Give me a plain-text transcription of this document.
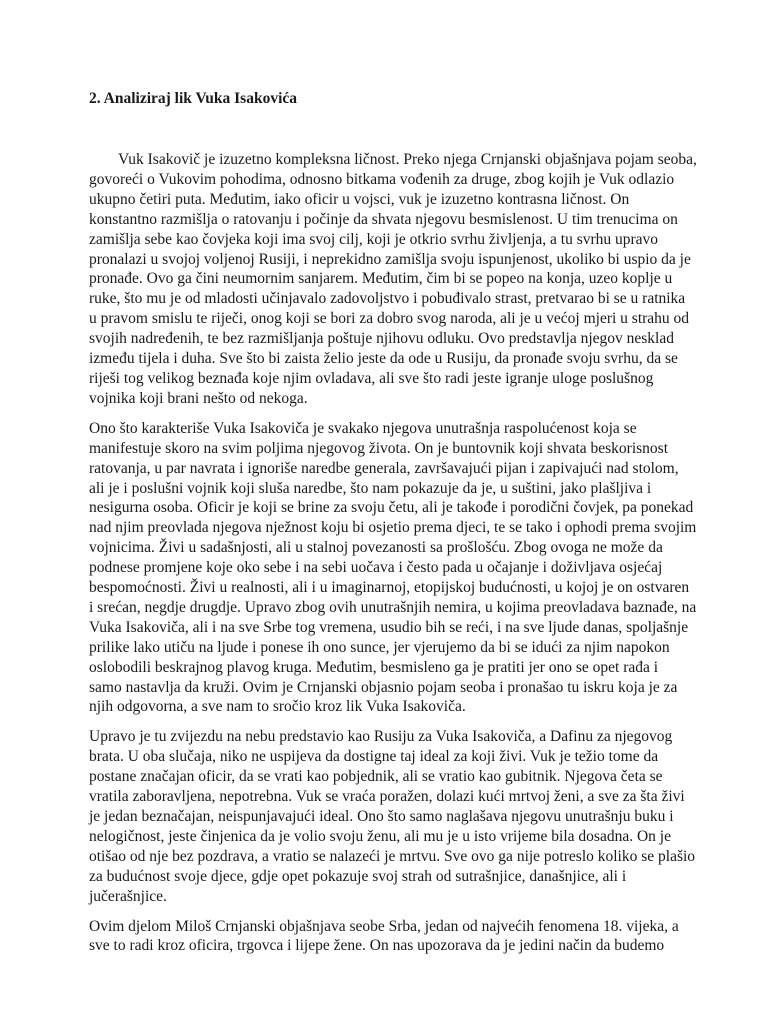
2. Analiziraj lik Vuka Isakovića

Vuk Isakovič je izuzetno kompleksna ličnost. Preko njega Crnjanski objašnjava pojam seoba,
govoreći o Vukovim pohodima, odnosno bitkama vođenih za druge, zbog kojih je Vuk odlazio
ukupno četiri puta. Međutim, iako oficir u vojsci, vuk je izuzetno kontrasna ličnost. On
konstantno razmišlja o ratovanju i počinje da shvata njegovu besmislenost. U tim trenucima on
zamišlja sebe kao čovjeka koji ima svoj cilj, koji je otkrio svrhu življenja, a tu svrhu upravo
pronalazi u svojoj voljenoj Rusiji, i neprekidno zamišlja svoju ispunjenost, ukoliko bi uspio da je
pronađe. Ovo ga čini neumornim sanjarem. Međutim, čim bi se popeo na konja, uzeo koplje u
ruke, što mu je od mladosti učinjavalo zadovoljstvo i pobuđivalo strast, pretvarao bi se u ratnika
u pravom smislu te riječi, onog koji se bori za dobro svog naroda, ali je u većoj mjeri u strahu od
svojih nadređenih, te bez razmišljanja poštuje njihovu odluku. Ovo predstavlja njegov nesklad
između tijela i duha. Sve što bi zaista želio jeste da ode u Rusiju, da pronađe svoju svrhu, da se
riješi tog velikog beznađa koje njim ovladava, ali sve što radi jeste igranje uloge poslušnog
vojnika koji brani nešto od nekoga.

Ono što karakteriše Vuka Isakoviča je svakako njegova unutrašnja raspolućenost koja se
manifestuje skoro na svim poljima njegovog života. On je buntovnik koji shvata beskorisnost
ratovanja, u par navrata i ignoriše naredbe generala, završavajući pijan i zapivajući nad stolom,
ali je i poslušni vojnik koji sluša naredbe, što nam pokazuje da je, u suštini, jako plašljiva i
nesigurna osoba. Oficir je koji se brine za svoju četu, ali je takođe i porodični čovjek, pa ponekad
nad njim preovlada njegova nježnost koju bi osjetio prema djeci, te se tako i ophodi prema svojim
vojnicima. Živi u sadašnjosti, ali u stalnoj povezanosti sa prošlošću. Zbog ovoga ne može da
podnese promjene koje oko sebe i na sebi uočava i često pada u očajanje i doživljava osjećaj
bespomoćnosti. Živi u realnosti, ali i u imaginarnoj, etopijskoj budućnosti, u kojoj je on ostvaren
i srećan, negdje drugdje. Upravo zbog ovih unutrašnjih nemira, u kojima preovladava baznađe, na
Vuka Isakoviča, ali i na sve Srbe tog vremena, usudio bih se reći, i na sve ljude danas, spoljašnje
prilike lako utiču na ljude i ponese ih ono sunce, jer vjerujemo da bi se idući za njim napokon
oslobodili beskrajnog plavog kruga. Međutim, besmisleno ga je pratiti jer ono se opet rađa i
samo nastavlja da kruži. Ovim je Crnjanski objasnio pojam seoba i pronašao tu iskru koja je za
njih odgovorna, a sve nam to sročio kroz lik Vuka Isakoviča.

Upravo je tu zvijezdu na nebu predstavio kao Rusiju za Vuka Isakoviča, a Dafinu za njegovog
brata. U oba slučaja, niko ne uspijeva da dostigne taj ideal za koji živi. Vuk je težio tome da
postane značajan oficir, da se vrati kao pobjednik, ali se vratio kao gubitnik. Njegova četa se
vratila zaboravljena, nepotrebna. Vuk se vraća poražen, dolazi kući mrtvoj ženi, a sve za šta živi
je jedan beznačajan, neispunjavajući ideal. Ono što samo naglašava njegovu unutrašnju buku i
nelogičnost, jeste činjenica da je volio svoju ženu, ali mu je u isto vrijeme bila dosadna. On je
otišao od nje bez pozdrava, a vratio se nalazeći je mrtvu. Sve ovo ga nije potreslo koliko se plašio
za budućnost svoje djece, gdje opet pokazuje svoj strah od sutrašnjice, današnjice, ali i
jučerašnjice.

Ovim djelom Miloš Crnjanski objašnjava seobe Srba, jedan od najvećih fenomena 18. vijeka, a
sve to radi kroz oficira, trgovca i lijepe žene. On nas upozorava da je jedini način da budemo
